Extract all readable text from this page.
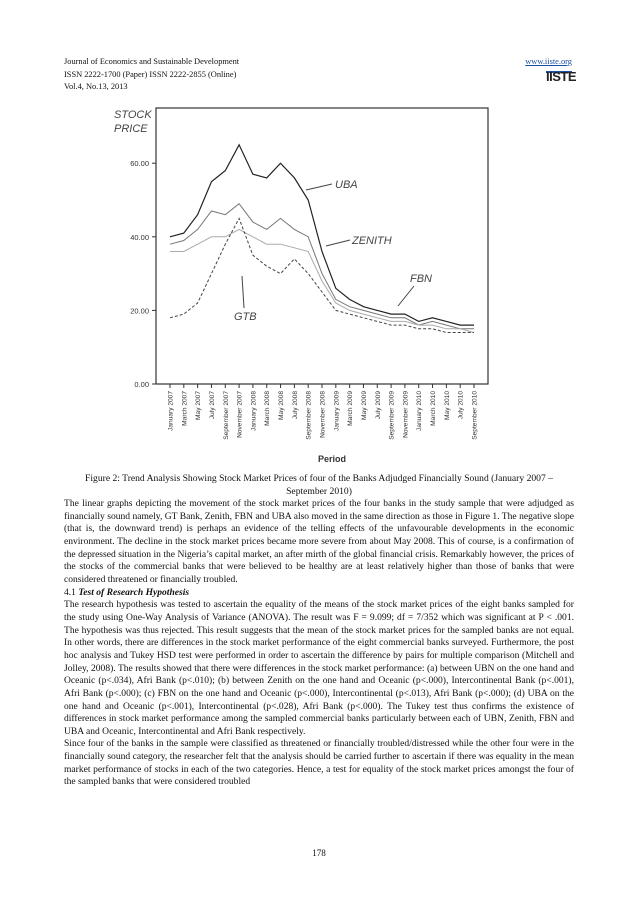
Journal of Economics and Sustainable Development
ISSN 2222-1700 (Paper) ISSN 2222-2855 (Online)
Vol.4, No.13, 2013
www.iiste.org
IISTE
0.00
20.00
40.00
60.00
January 2007 March 2007 May 2007 July 2007 September 2007 November 2007 January 2008 March 2008 May 2008 July 2008 September 2008 November 2008 January 2009 March 2009 May 2009 July 2009 September 2009 November 2009 January 2010 March 2010 May 2010 July 2010 September 2010
STOCK
PRICE
UBA
ZENITH
FBN
GTB
Period
Figure 2: Trend Analysis Showing Stock Market Prices of four of the Banks Adjudged Financially Sound (January 2007 – September 2010)

The linear graphs depicting the movement of the stock market prices of the four banks in the study sample that were adjudged as financially sound namely, GT Bank, Zenith, FBN and UBA also moved in the same direction as those in Figure 1. The negative slope (that is, the downward trend) is perhaps an evidence of the telling effects of the unfavourable developments in the economic environment. The decline in the stock market prices became more severe from about May 2008. This of course, is a confirmation of the depressed situation in the Nigeria’s capital market, an after mirth of the global financial crisis. Remarkably however, the prices of the stocks of the commercial banks that were believed to be healthy are at least relatively higher than those of banks that were considered threatened or financially troubled.

4.1 Test of Research Hypothesis

The research hypothesis was tested to ascertain the equality of the means of the stock market prices of the eight banks sampled for the study using One-Way Analysis of Variance (ANOVA). The result was F = 9.099; df = 7/352 which was significant at P < .001. The hypothesis was thus rejected. This result suggests that the mean of the stock market prices for the sampled banks are not equal. In other words, there are differences in the stock market performance of the eight commercial banks surveyed. Furthermore, the post hoc analysis and Tukey HSD test were performed in order to ascertain the difference by pairs for multiple comparison (Mitchell and Jolley, 2008). The results showed that there were differences in the stock market performance: (a) between UBN on the one hand and Oceanic (p<.034), Afri Bank (p<.010); (b) between Zenith on the one hand and Oceanic (p<.000), Intercontinental Bank (p<.001), Afri Bank (p<.000); (c) FBN on the one hand and Oceanic (p<.000), Intercontinental (p<.013), Afri Bank (p<.000); (d) UBA on the one hand and Oceanic (p<.001), Intercontinental (p<.028), Afri Bank (p<.000). The Tukey test thus confirms the existence of differences in stock market performance among the sampled commercial banks particularly between each of UBN, Zenith, FBN and UBA and Oceanic, Intercontinental and Afri Bank respectively.

Since four of the banks in the sample were classified as threatened or financially troubled/distressed while the other four were in the financially sound category, the researcher felt that the analysis should be carried further to ascertain if there was equality in the mean market performance of stocks in each of the two categories. Hence, a test for equality of the stock market prices amongst the four of the sampled banks that were considered troubled

178
